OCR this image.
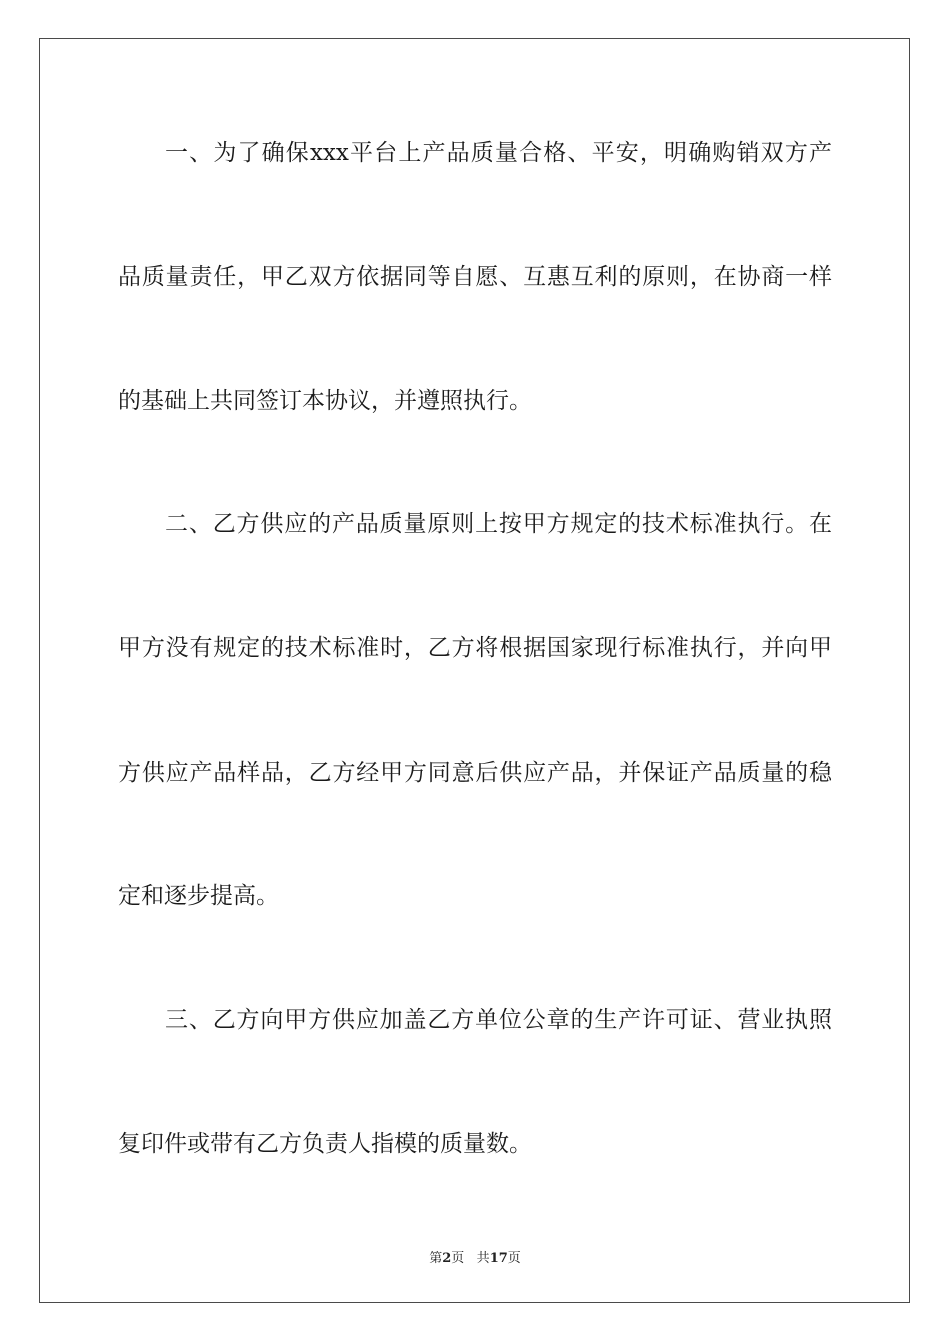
一、为了确保xxx平台上产品质量合格、平安，明确购销双方产

品质量责任，甲乙双方依据同等自愿、互惠互利的原则，在协商一样

的基础上共同签订本协议，并遵照执行。

二、乙方供应的产品质量原则上按甲方规定的技术标准执行。在

甲方没有规定的技术标准时，乙方将根据国家现行标准执行，并向甲

方供应产品样品，乙方经甲方同意后供应产品，并保证产品质量的稳

定和逐步提高。

三、乙方向甲方供应加盖乙方单位公章的生产许可证、营业执照

复印件或带有乙方负责人指模的质量数。

第2页 共17页
